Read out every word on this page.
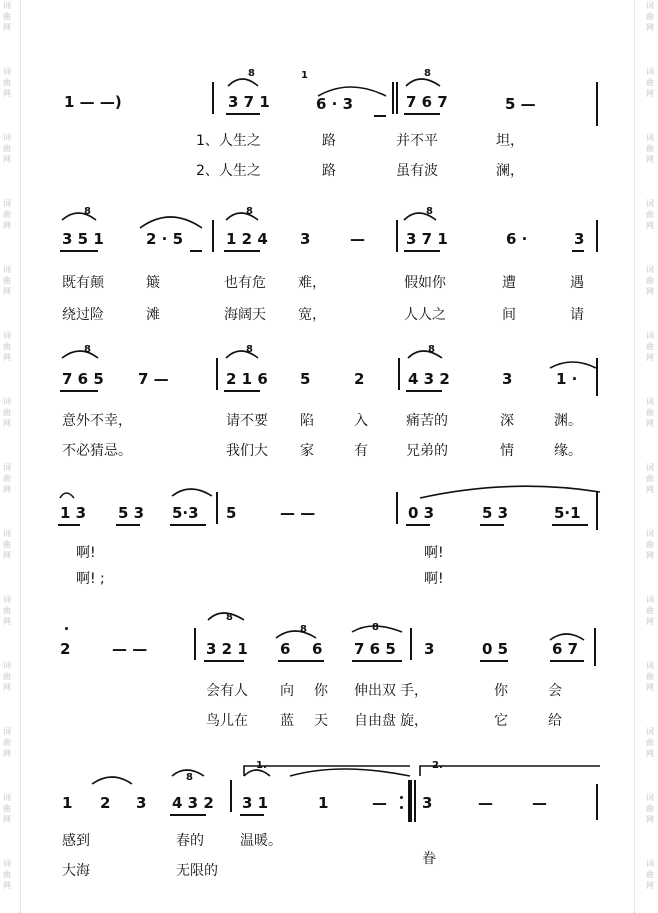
词曲网

词曲网

词曲网

词曲网

词曲网

词曲网

词曲网

词曲网

词曲网

词曲网

词曲网

词曲网

词曲网

词曲网
词曲网

词曲网

词曲网

词曲网

词曲网

词曲网

词曲网

词曲网

词曲网

词曲网

词曲网

词曲网

词曲网

词曲网
1 — —)
8
3 7 1
1
6 · 3
8
7 6 7	5 —
1、人生之	路	并不平	坦，
2、人生之	路	虽有波	澜，
8
3 5 1	2 · 5
8
1 2 4 3	—
8
3 7 1	6 ·	3
既有颠	簸	也有危 难，	假如你	遭	遇
绕过险	滩	海阔天 宽，	人人之	间	请
8
7 6 5 7 —
8
2 1 6 5	2
8
4 3 2	3	1 ·
意外不幸，	请不要 陷	入	痛苦的	深	渊。
不必猜忌。	我们大 家	有	兄弟的	情	缘。
1 3 5 3 5·3 5	— —	0 3	5 3	5·1
啊!	啊!
啊! ;	啊!
2	— —
8
3 2 1
8
6 6
8
7 6 5 3	0 5	6 7
会有人 向 你 伸出双 手，	你	会
鸟儿在 蓝 天 自由盘 旋，	它	给
1 2 3
8
4 3 2
1.
3 1	1	—
2.
3	—	—
感到	春的	温暖。
大海	无限的
眷
